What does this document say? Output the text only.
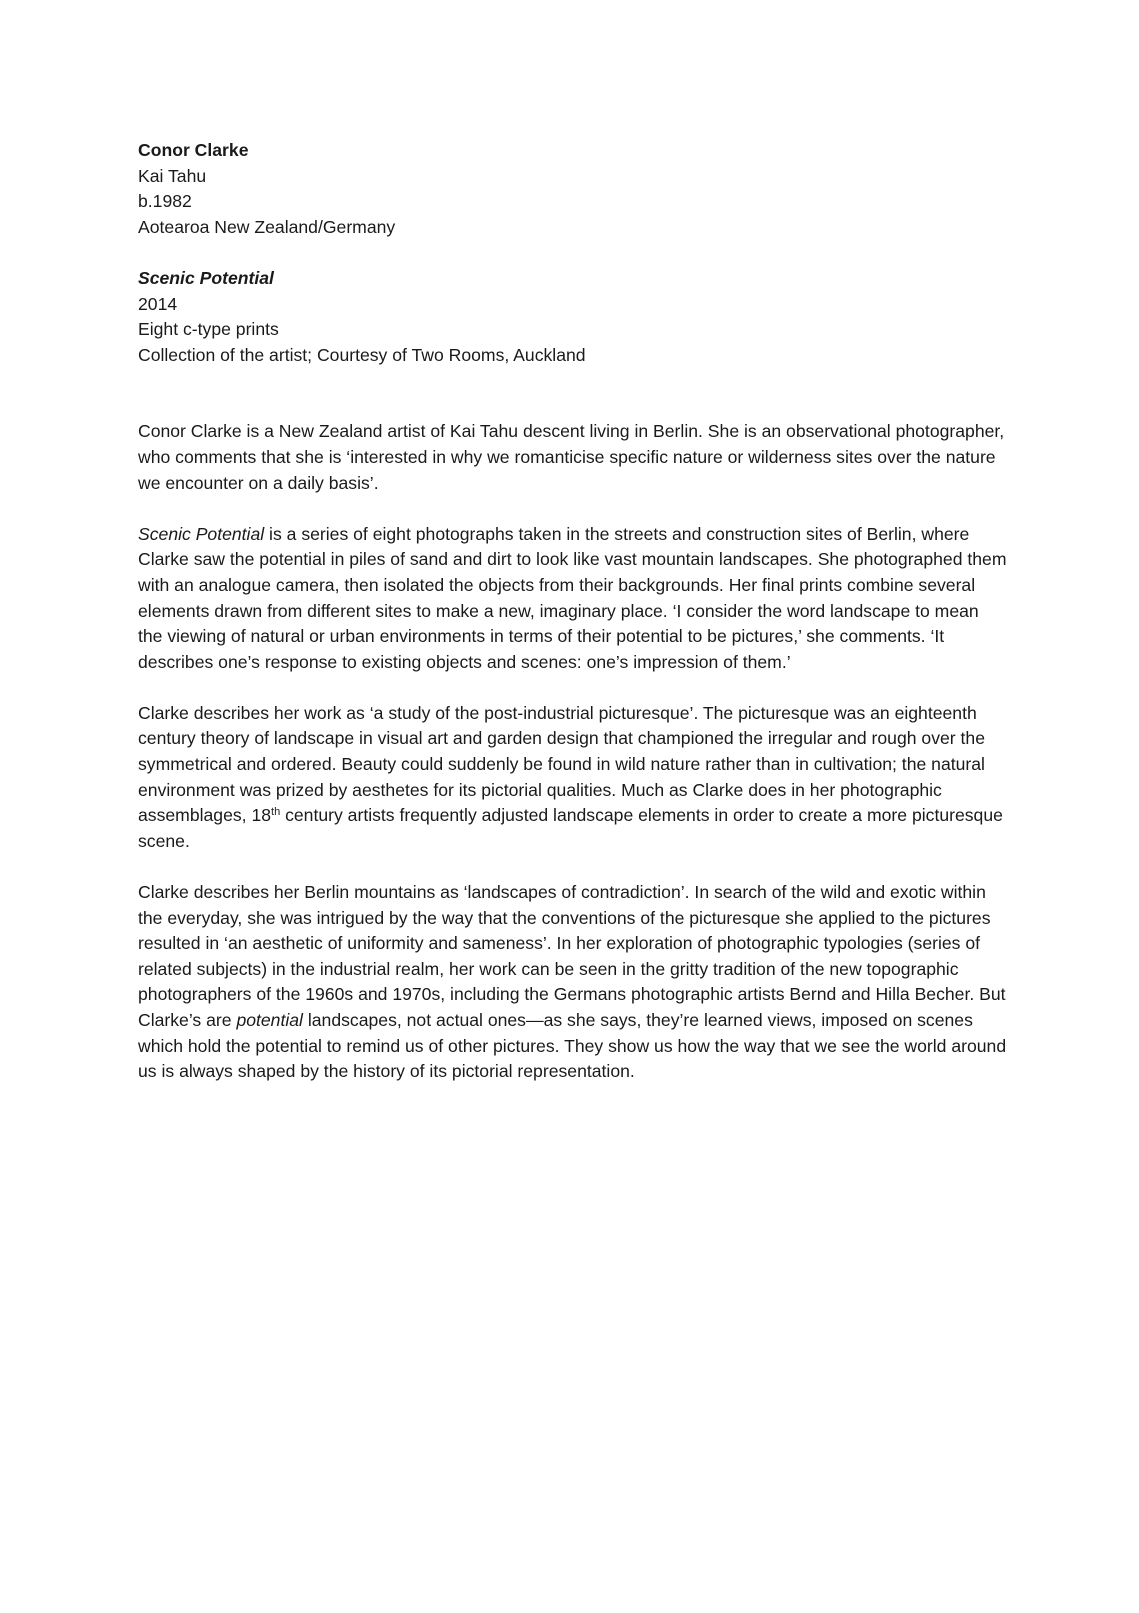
Conor Clarke
Kai Tahu
b.1982
Aotearoa New Zealand/Germany
Scenic Potential
2014
Eight c-type prints
Collection of the artist; Courtesy of Two Rooms, Auckland

Conor Clarke is a New Zealand artist of Kai Tahu descent living in Berlin. She is an observational photographer, who comments that she is ‘interested in why we romanticise specific nature or wilderness sites over the nature we encounter on a daily basis’.

Scenic Potential is a series of eight photographs taken in the streets and construction sites of Berlin, where Clarke saw the potential in piles of sand and dirt to look like vast mountain landscapes. She photographed them with an analogue camera, then isolated the objects from their backgrounds. Her final prints combine several elements drawn from different sites to make a new, imaginary place. ‘I consider the word landscape to mean the viewing of natural or urban environments in terms of their potential to be pictures,’ she comments. ‘It describes one’s response to existing objects and scenes: one’s impression of them.’

Clarke describes her work as ‘a study of the post-industrial picturesque’. The picturesque was an eighteenth century theory of landscape in visual art and garden design that championed the irregular and rough over the symmetrical and ordered. Beauty could suddenly be found in wild nature rather than in cultivation; the natural environment was prized by aesthetes for its pictorial qualities. Much as Clarke does in her photographic assemblages, 18th century artists frequently adjusted landscape elements in order to create a more picturesque scene.

Clarke describes her Berlin mountains as ‘landscapes of contradiction’. In search of the wild and exotic within the everyday, she was intrigued by the way that the conventions of the picturesque she applied to the pictures resulted in ‘an aesthetic of uniformity and sameness’. In her exploration of photographic typologies (series of related subjects) in the industrial realm, her work can be seen in the gritty tradition of the new topographic photographers of the 1960s and 1970s, including the Germans photographic artists Bernd and Hilla Becher. But Clarke’s are potential landscapes, not actual ones—as she says, they’re learned views, imposed on scenes which hold the potential to remind us of other pictures. They show us how the way that we see the world around us is always shaped by the history of its pictorial representation.
